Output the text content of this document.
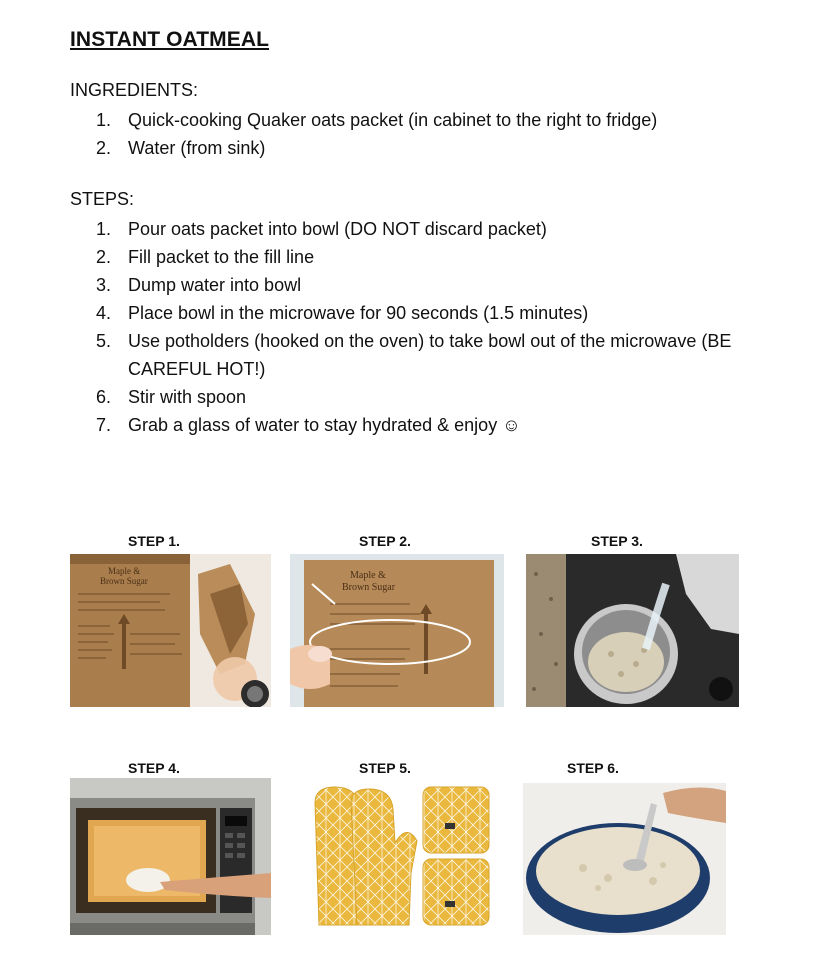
INSTANT OATMEAL
INGREDIENTS:
1. Quick-cooking Quaker oats packet (in cabinet to the right to fridge)
2. Water (from sink)
STEPS:
1. Pour oats packet into bowl (DO NOT discard packet)
2. Fill packet to the fill line
3. Dump water into bowl
4. Place bowl in the microwave for 90 seconds (1.5 minutes)
5. Use potholders (hooked on the oven) to take bowl out of the microwave (BE CAREFUL HOT!)
6. Stir with spoon
7. Grab a glass of water to stay hydrated & enjoy ☺
STEP 1.	STEP 2.	STEP 3.
STEP 4.	STEP 5.	STEP 6.
Maple &
Brown Sugar	Maple &
Brown Sugar
